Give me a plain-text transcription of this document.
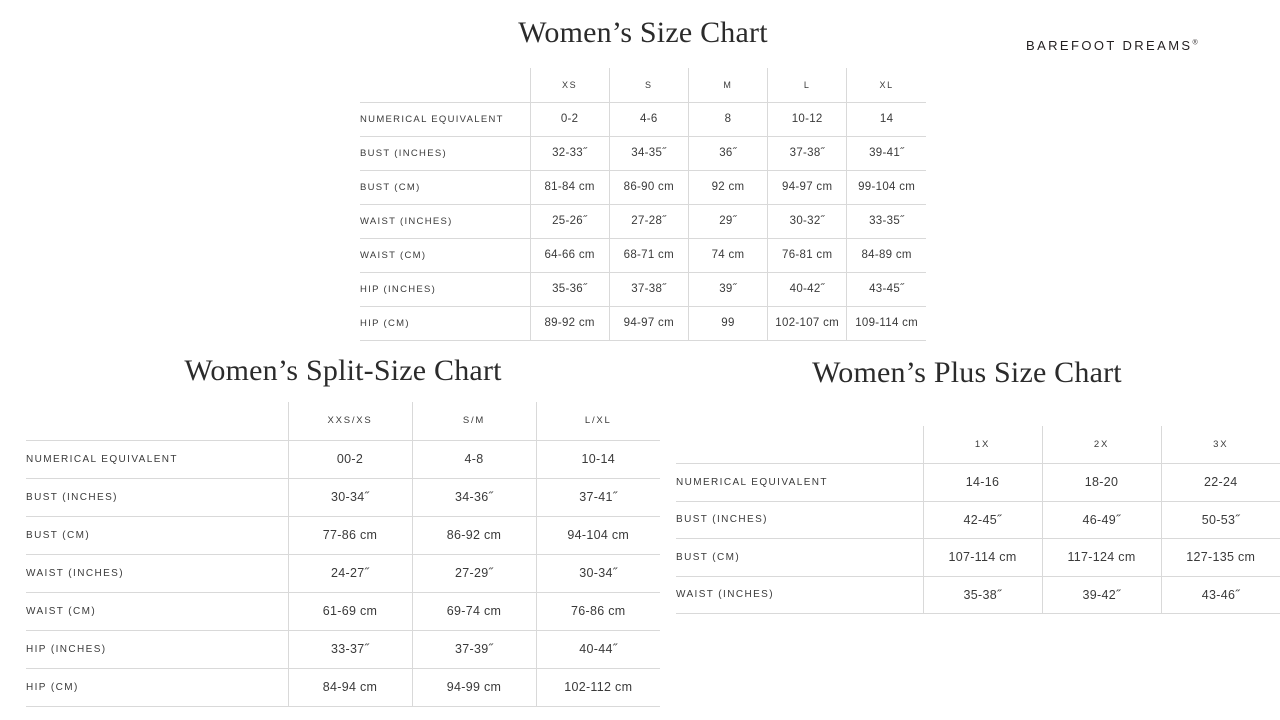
BAREFOOT DREAMS®
Women’s Size Chart
	XS	S	M	L	XL
NUMERICAL EQUIVALENT	0-2	4-6	8	10-12	14
BUST (INCHES)	32-33˝	34-35˝	36˝	37-38˝	39-41˝
BUST (CM)	81-84 cm	86-90 cm	92 cm	94-97 cm	99-104 cm
WAIST (INCHES)	25-26˝	27-28˝	29˝	30-32˝	33-35˝
WAIST (CM)	64-66 cm	68-71 cm	74 cm	76-81 cm	84-89 cm
HIP (INCHES)	35-36˝	37-38˝	39˝	40-42˝	43-45˝
HIP (CM)	89-92 cm	94-97 cm	99	102-107 cm	109-114 cm
Women’s Split-Size Chart
	XXS/XS	S/M	L/XL
NUMERICAL EQUIVALENT	00-2	4-8	10-14
BUST (INCHES)	30-34˝	34-36˝	37-41˝
BUST (CM)	77-86 cm	86-92 cm	94-104 cm
WAIST (INCHES)	24-27˝	27-29˝	30-34˝
WAIST (CM)	61-69 cm	69-74 cm	76-86 cm
HIP (INCHES)	33-37˝	37-39˝	40-44˝
HIP (CM)	84-94 cm	94-99 cm	102-112 cm
Women’s Plus Size Chart
	1X	2X	3X
NUMERICAL EQUIVALENT	14-16	18-20	22-24
BUST (INCHES)	42-45˝	46-49˝	50-53˝
BUST (CM)	107-114 cm	117-124 cm	127-135 cm
WAIST (INCHES)	35-38˝	39-42˝	43-46˝
